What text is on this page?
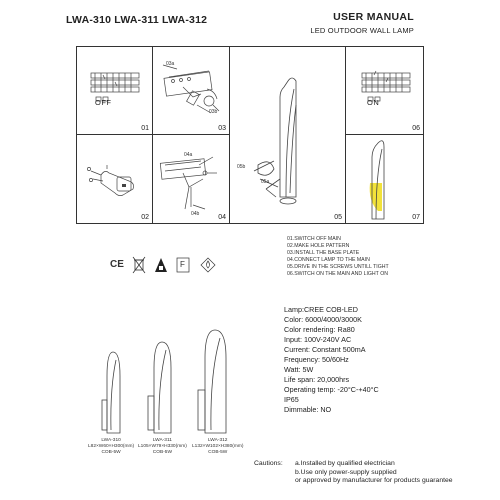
LWA-310 LWA-311 LWA-312	USER MANUAL
LED OUTDOOR WALL LAMP
OFF
01
03a
03b
03
05b
05a
05
ON
06
02
04a
04b	04	07
01.SWITCH OFF MAIN
02.MAKE HOLE PATTERN
03.INSTALL THE BASE PLATE
04.CONNECT LAMP TO THE MAIN
05.DRIVE IN THE SCREWS UNTILL TIGHT
06.SWITCH ON THE MAIN AND LIGHT ON
CE	F
Lamp:CREE COB-LED
Color: 6000/4000/3000K
Color rendering: Ra80
Input: 100V-240V AC
Current: Constant 500mA
Frequency: 50/60Hz
Watt: 5W
Life span: 20,000hrs
Operating temp: -20°C-+40°C
IP65
Dimmable: NO
LWA-310
L82×W60×H300(mm)
COB-5W
LWA-311
L105×W79×H330(mm)
COB-5W
LWA-312
L132×W102×H380(mm)
COB-5W
Cautions: a.Installed by qualified electrician
b.Use only power-supply supplied
or approved by manufacturer for products guarantee
